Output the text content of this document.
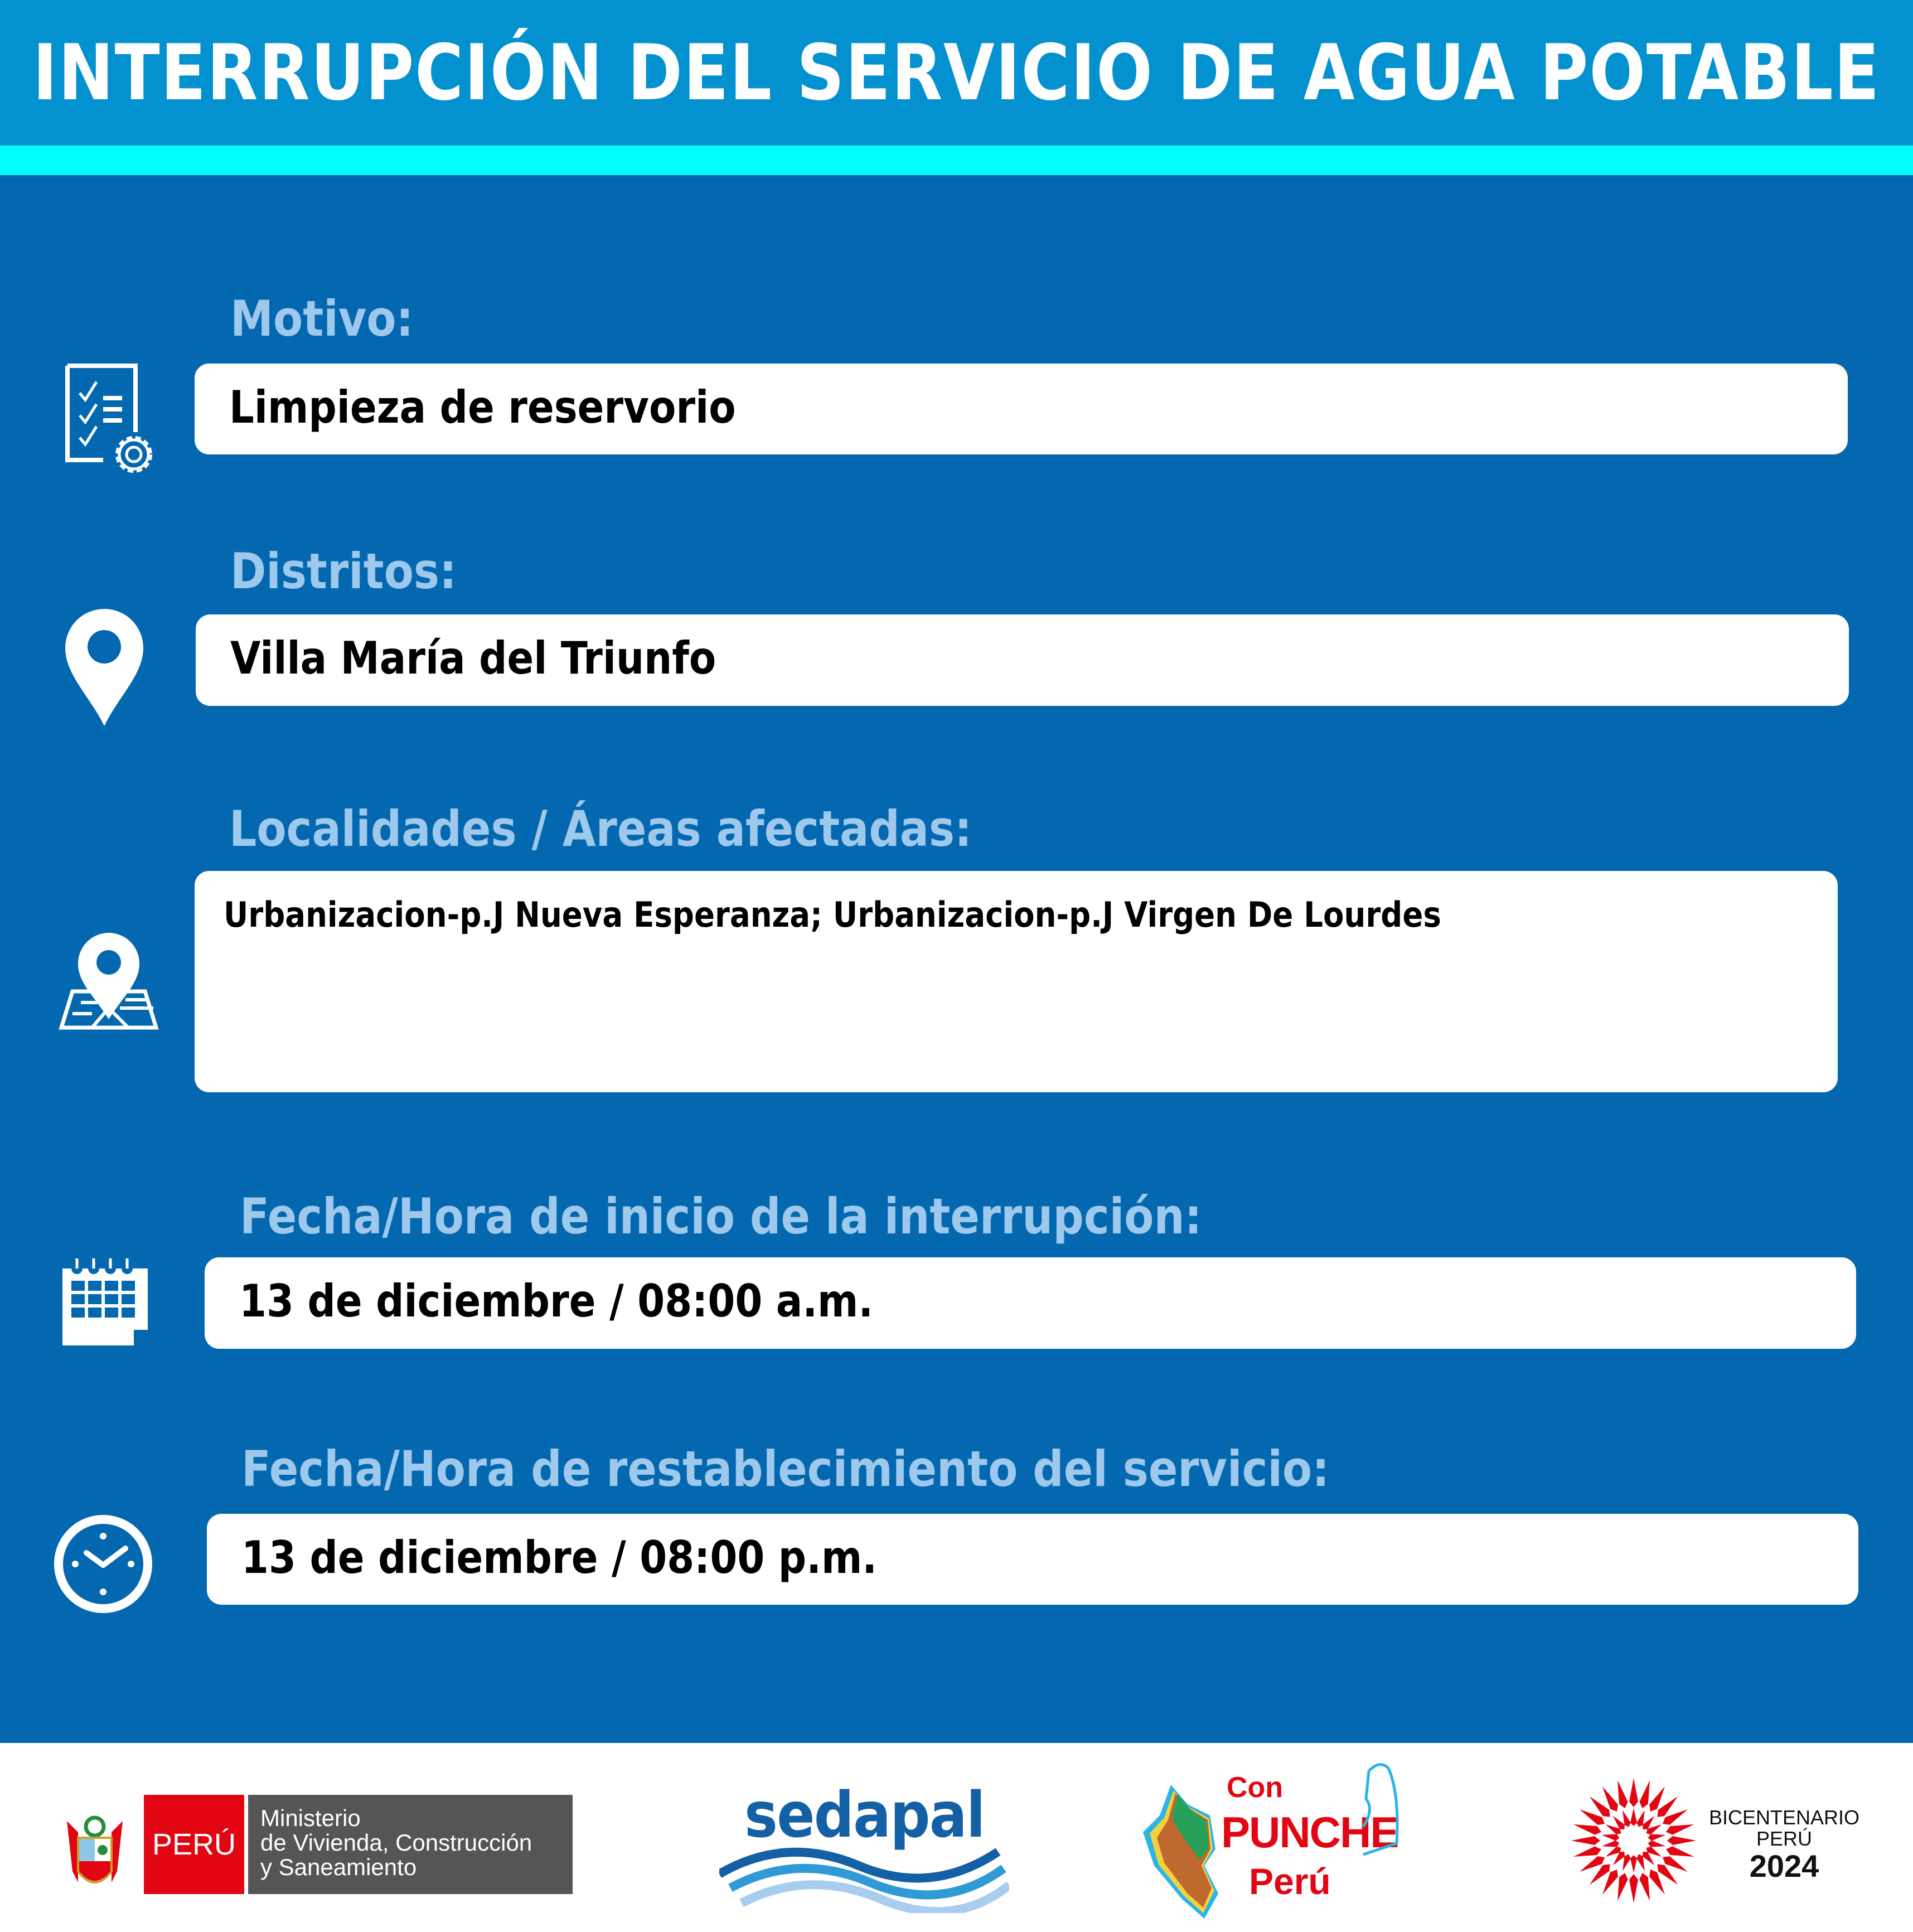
INTERRUPCIÓN DEL SERVICIO DE AGUA POTABLE
Motivo:
Limpieza de reservorio
Distritos:
Villa María del Triunfo
Localidades / Áreas afectadas:
Urbanizacion-p.J Nueva Esperanza; Urbanizacion-p.J Virgen De Lourdes
Fecha/Hora de inicio de la interrupción:
13 de diciembre / 08:00 a.m.
Fecha/Hora de restablecimiento del servicio:
13 de diciembre / 08:00 p.m.
PERÚ
Ministerio
de Vivienda, Construcción
y Saneamiento
sedapal	Con
PUNCHE
Perú
BICENTENARIO
PERÚ
2024
